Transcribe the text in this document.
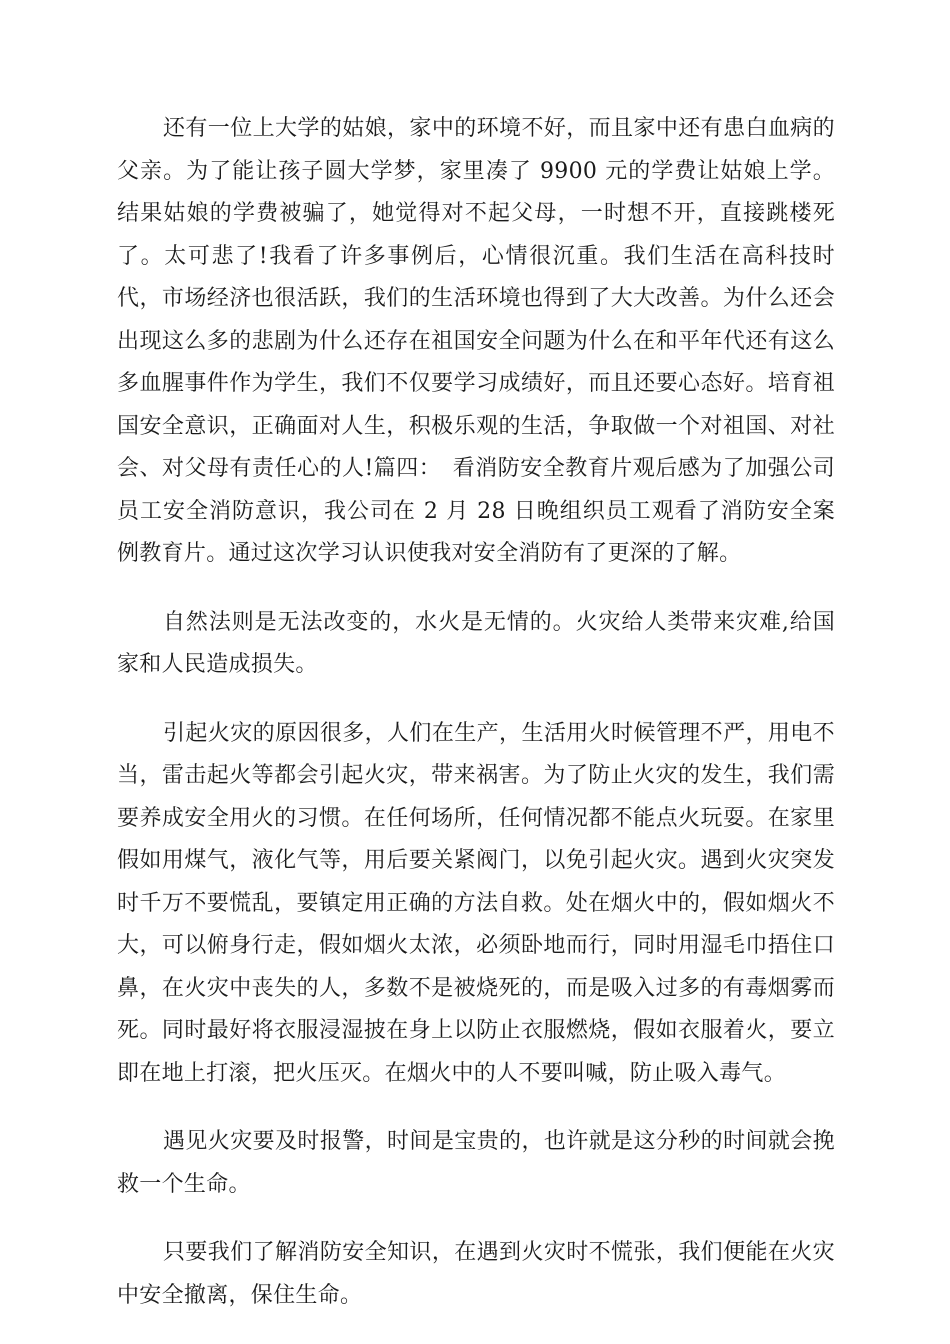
还有一位上大学的姑娘，家中的环境不好，而且家中还有患白血病的父亲。为了能让孩子圆大学梦，家里凑了 9900 元的学费让姑娘上学。结果姑娘的学费被骗了，她觉得对不起父母，一时想不开，直接跳楼死了。太可悲了!我看了许多事例后，心情很沉重。我们生活在高科技时代，市场经济也很活跃，我们的生活环境也得到了大大改善。为什么还会出现这么多的悲剧为什么还存在祖国安全问题为什么在和平年代还有这么多血腥事件作为学生，我们不仅要学习成绩好，而且还要心态好。培育祖国安全意识，正确面对人生，积极乐观的生活，争取做一个对祖国、对社会、对父母有责任心的人!篇四：　看消防安全教育片观后感为了加强公司员工安全消防意识，我公司在 2 月 28 日晚组织员工观看了消防安全案例教育片。通过这次学习认识使我对安全消防有了更深的了解。

自然法则是无法改变的，水火是无情的。火灾给人类带来灾难,给国家和人民造成损失。

引起火灾的原因很多，人们在生产，生活用火时候管理不严，用电不当，雷击起火等都会引起火灾，带来祸害。为了防止火灾的发生，我们需要养成安全用火的习惯。在任何场所，任何情况都不能点火玩耍。在家里假如用煤气，液化气等，用后要关紧阀门，以免引起火灾。遇到火灾突发时千万不要慌乱，要镇定用正确的方法自救。处在烟火中的，假如烟火不大，可以俯身行走，假如烟火太浓，必须卧地而行，同时用湿毛巾捂住口鼻，在火灾中丧失的人，多数不是被烧死的，而是吸入过多的有毒烟雾而死。同时最好将衣服浸湿披在身上以防止衣服燃烧，假如衣服着火，要立即在地上打滚，把火压灭。在烟火中的人不要叫喊，防止吸入毒气。

遇见火灾要及时报警，时间是宝贵的，也许就是这分秒的时间就会挽救一个生命。

只要我们了解消防安全知识，在遇到火灾时不慌张，我们便能在火灾中安全撤离，保住生命。
